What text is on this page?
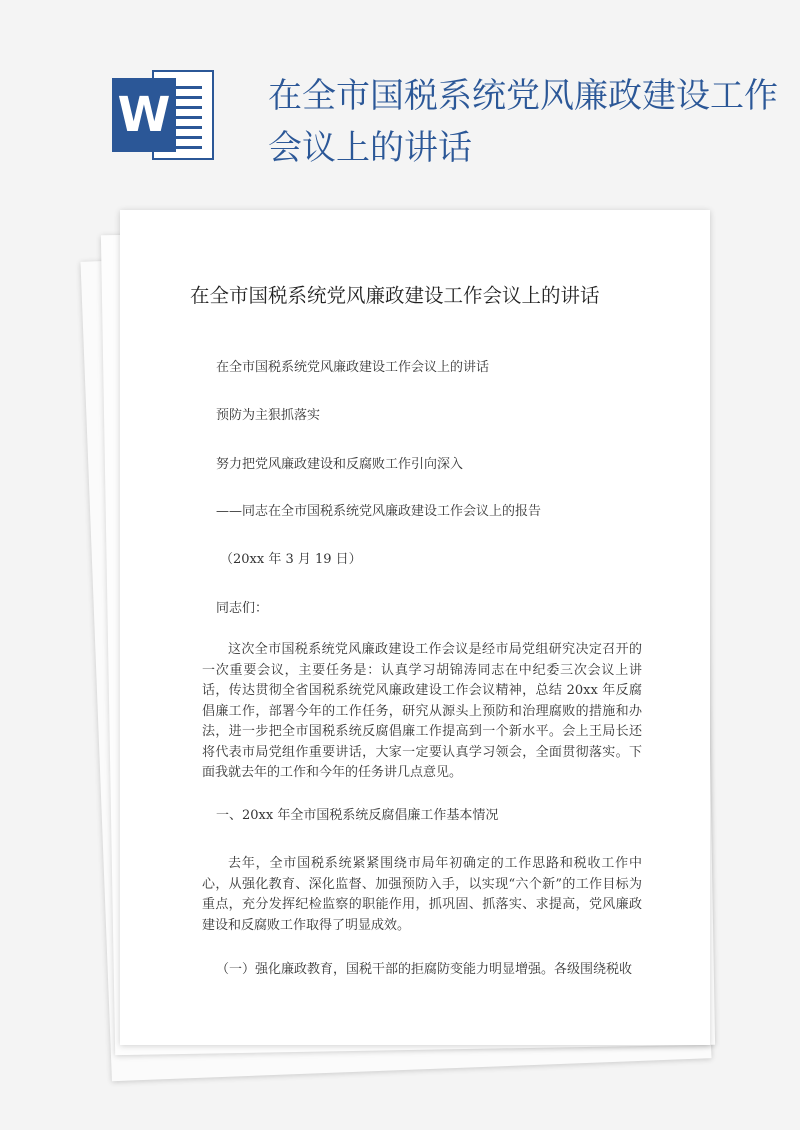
W	在全市国税系统党风廉政建设工作会议上的讲话
在全市国税系统党风廉政建设工作会议上的讲话
在全市国税系统党风廉政建设工作会议上的讲话
预防为主狠抓落实
努力把党风廉政建设和反腐败工作引向深入
——同志在全市国税系统党风廉政建设工作会议上的报告
（20xx 年 3 月 19 日）
同志们：
这次全市国税系统党风廉政建设工作会议是经市局党组研究决定召开的一次重要会议，主要任务是：认真学习胡锦涛同志在中纪委三次会议上讲话，传达贯彻全省国税系统党风廉政建设工作会议精神，总结 20xx 年反腐倡廉工作，部署今年的工作任务，研究从源头上预防和治理腐败的措施和办法，进一步把全市国税系统反腐倡廉工作提高到一个新水平。会上王局长还将代表市局党组作重要讲话，大家一定要认真学习领会，全面贯彻落实。下面我就去年的工作和今年的任务讲几点意见。
一、20xx 年全市国税系统反腐倡廉工作基本情况
去年，全市国税系统紧紧围绕市局年初确定的工作思路和税收工作中心，从强化教育、深化监督、加强预防入手，以实现“六个新”的工作目标为重点，充分发挥纪检监察的职能作用，抓巩固、抓落实、求提高，党风廉政建设和反腐败工作取得了明显成效。
（一）强化廉政教育，国税干部的拒腐防变能力明显增强。各级围绕税收
